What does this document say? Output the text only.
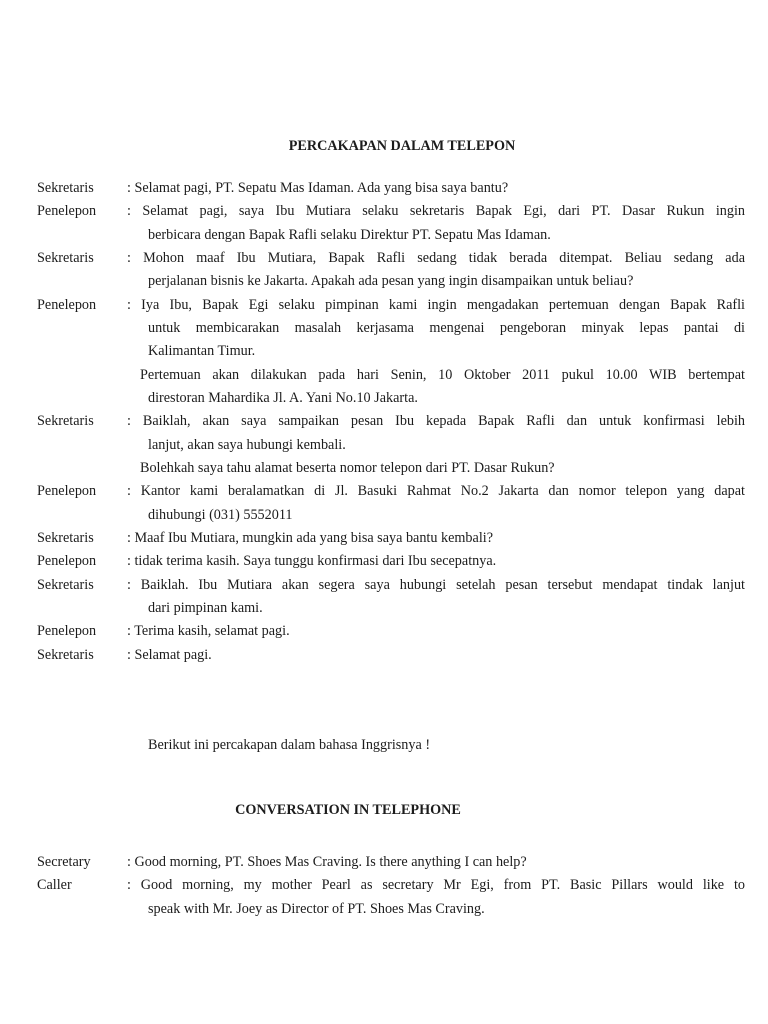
PERCAKAPAN DALAM TELEPON
Sekretaris	: Selamat pagi, PT. Sepatu Mas Idaman. Ada yang bisa saya bantu?
Penelepon	: Selamat pagi, saya Ibu Mutiara selaku sekretaris Bapak Egi, dari PT. Dasar Rukun ingin
berbicara dengan Bapak Rafli selaku Direktur PT. Sepatu Mas Idaman.
Sekretaris	: Mohon maaf Ibu Mutiara, Bapak Rafli sedang tidak berada ditempat. Beliau sedang ada
perjalanan bisnis ke Jakarta. Apakah ada pesan yang ingin disampaikan untuk beliau?
Penelepon	: Iya Ibu, Bapak Egi selaku pimpinan kami ingin mengadakan pertemuan dengan Bapak Rafli
untuk membicarakan masalah kerjasama mengenai pengeboran minyak lepas pantai di
Kalimantan Timur.
Pertemuan akan dilakukan pada hari Senin, 10 Oktober 2011 pukul 10.00 WIB bertempat
direstoran Mahardika Jl. A. Yani No.10 Jakarta.
Sekretaris	: Baiklah, akan saya sampaikan pesan Ibu kepada Bapak Rafli dan untuk konfirmasi lebih
lanjut, akan saya hubungi kembali.
Bolehkah saya tahu alamat beserta nomor telepon dari PT. Dasar Rukun?
Penelepon	: Kantor kami beralamatkan di Jl. Basuki Rahmat No.2 Jakarta dan nomor telepon yang dapat
dihubungi (031) 5552011
Sekretaris	: Maaf Ibu Mutiara, mungkin ada yang bisa saya bantu kembali?
Penelepon	: tidak terima kasih. Saya tunggu konfirmasi dari Ibu secepatnya.
Sekretaris	: Baiklah. Ibu Mutiara akan segera saya hubungi setelah pesan tersebut mendapat tindak lanjut
dari pimpinan kami.
Penelepon	: Terima kasih, selamat pagi.
Sekretaris	: Selamat pagi.
Berikut ini percakapan dalam bahasa Inggrisnya !
CONVERSATION IN TELEPHONE
Secretary	: Good morning, PT. Shoes Mas Craving. Is there anything I can help?
Caller	: Good morning, my mother Pearl as secretary Mr Egi, from PT. Basic Pillars would like to
speak with Mr. Joey as Director of PT. Shoes Mas Craving.
